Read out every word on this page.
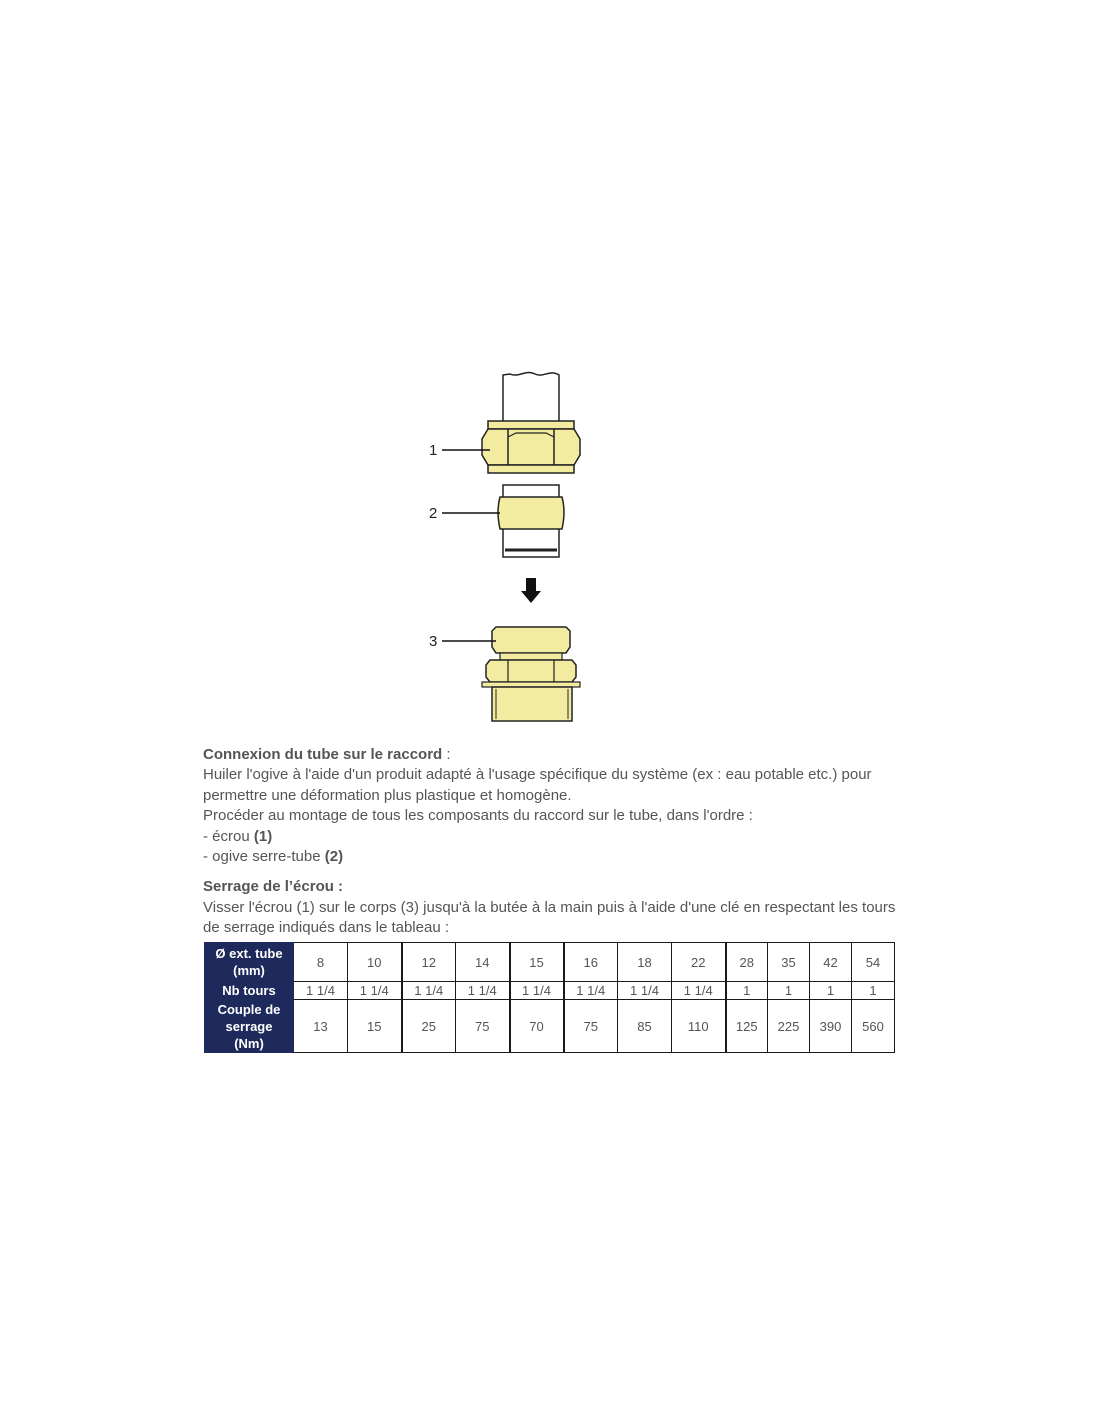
1
2
3
Connexion du tube sur le raccord :
Huiler l'ogive à l'aide d'un produit adapté à l'usage spécifique du système (ex : eau potable etc.) pour permettre une déformation plus plastique et homogène.
Procéder au montage de tous les composants du raccord sur le tube, dans l'ordre :
- écrou (1)
- ogive serre-tube (2)
Serrage de l’écrou :
Visser l'écrou (1) sur le corps (3) jusqu'à la butée à la main puis à l'aide d'une clé en respectant les tours de serrage indiqués dans le tableau :
Ø ext. tube (mm)	8	10	12	14	15	16	18	22	28	35	42	54
Nb tours	1 1/4	1 1/4	1 1/4	1 1/4	1 1/4	1 1/4	1 1/4	1 1/4	1	1	1	1
Couple de serrage (Nm)	13	15	25	75	70	75	85	110	125	225	390	560
